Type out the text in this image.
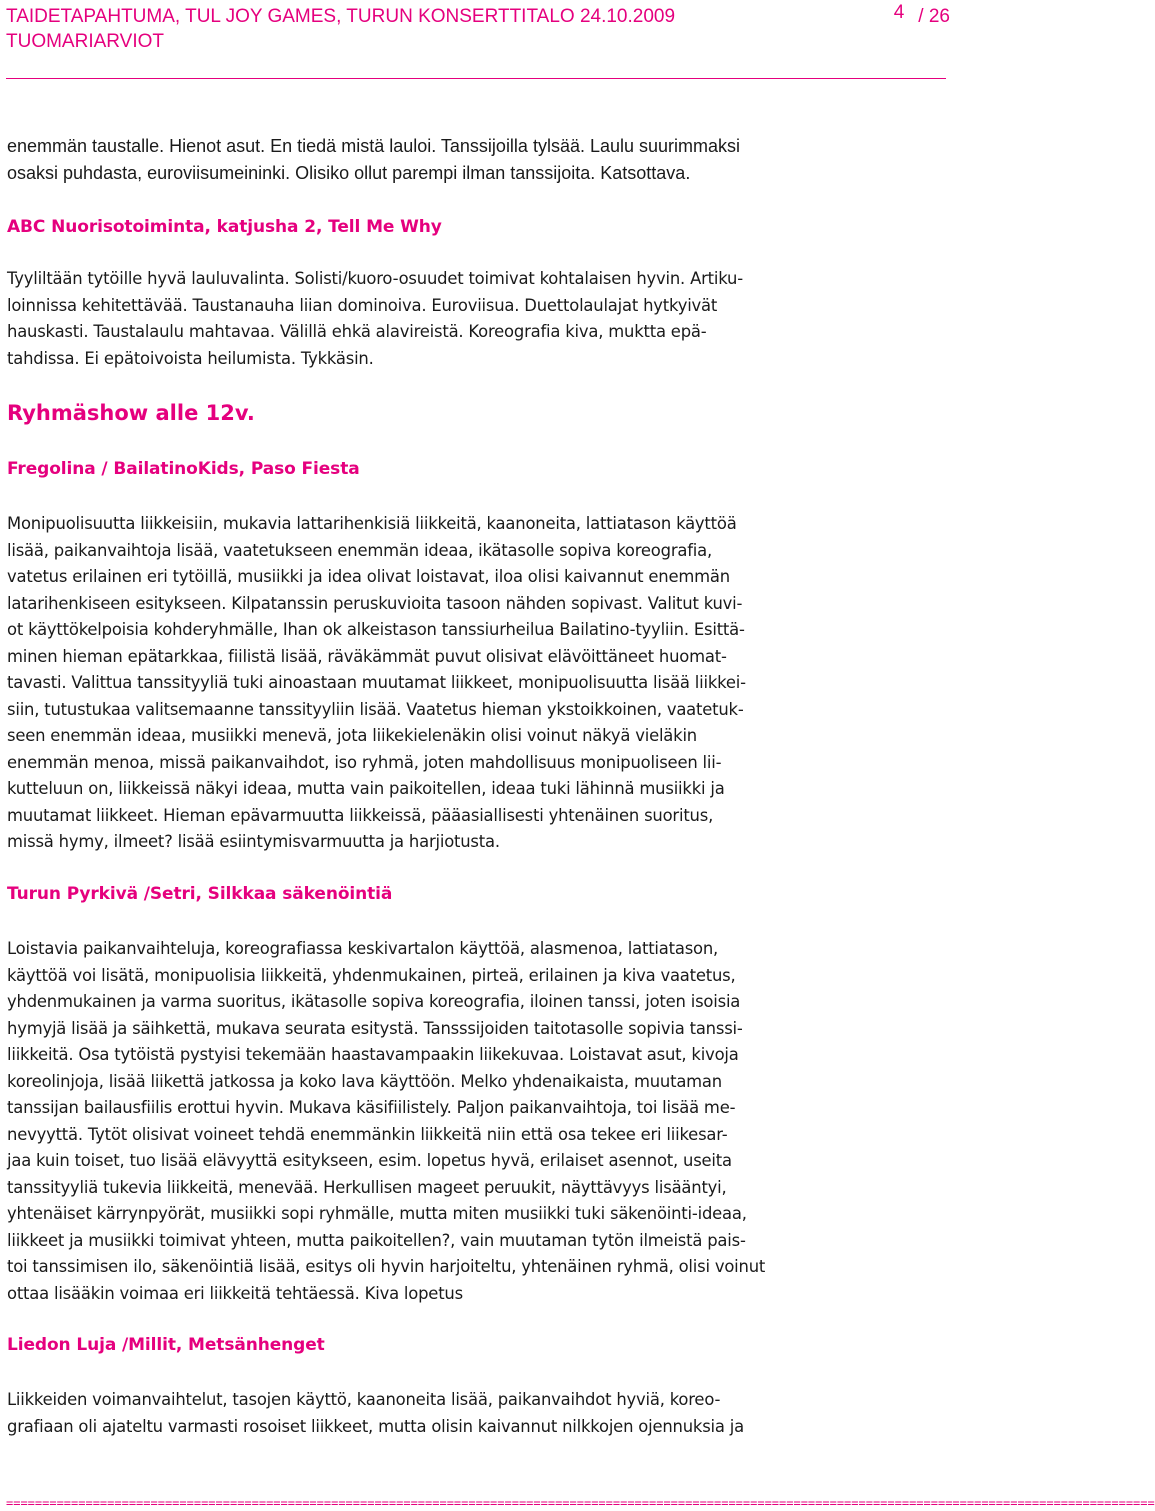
TAIDETAPAHTUMA, TUL JOY GAMES, TURUN KONSERTTITALO 24.10.2009
TUOMARIARVIOT
4 / 26
enemmän taustalle. Hienot asut. En tiedä mistä lauloi. Tanssijoilla tylsää. Laulu suurimmaksi
osaksi puhdasta, euroviisumeininki. Olisiko ollut parempi ilman tanssijoita. Katsottava.
ABC Nuorisotoiminta, katjusha 2, Tell Me Why
Tyyliltään tytöille hyvä lauluvalinta. Solisti/kuoro-osuudet toimivat kohtalaisen hyvin. Artiku-
loinnissa kehitettävää. Taustanauha liian dominoiva. Euroviisua. Duettolaulajat hytkyivät
hauskasti. Taustalaulu mahtavaa. Välillä ehkä alavireistä. Koreografia kiva, muktta epä-
tahdissa. Ei epätoivoista heilumista. Tykkäsin.
Ryhmäshow alle 12v.
Fregolina / BailatinoKids, Paso Fiesta
Monipuolisuutta liikkeisiin, mukavia lattarihenkisiä liikkeitä, kaanoneita, lattiatason käyttöä
lisää, paikanvaihtoja lisää, vaatetukseen enemmän ideaa, ikätasolle sopiva koreografia,
vatetus erilainen eri tytöillä, musiikki ja idea olivat loistavat, iloa olisi kaivannut enemmän
latarihenkiseen esitykseen. Kilpatanssin peruskuvioita tasoon nähden sopivast. Valitut kuvi-
ot käyttökelpoisia kohderyhmälle, Ihan ok alkeistason tanssiurheilua Bailatino-tyyliin. Esittä-
minen hieman epätarkkaa, fiilistä lisää, räväkämmät puvut olisivat elävöittäneet huomat-
tavasti. Valittua tanssityyliä tuki ainoastaan muutamat liikkeet, monipuolisuutta lisää liikkei-
siin, tutustukaa valitsemaanne tanssityyliin lisää. Vaatetus hieman ykstoikkoinen, vaatetuk-
seen enemmän ideaa, musiikki menevä, jota liikekielenäkin olisi voinut näkyä vieläkin
enemmän menoa, missä paikanvaihdot, iso ryhmä, joten mahdollisuus monipuoliseen lii-
kutteluun on, liikkeissä näkyi ideaa, mutta vain paikoitellen, ideaa tuki lähinnä musiikki ja
muutamat liikkeet. Hieman epävarmuutta liikkeissä, pääasiallisesti yhtenäinen suoritus,
missä hymy, ilmeet? lisää esiintymisvarmuutta ja harjiotusta.
Turun Pyrkivä /Setri, Silkkaa säkenöintiä
Loistavia paikanvaihteluja, koreografiassa keskivartalon käyttöä, alasmenoa, lattiatason,
käyttöä voi lisätä, monipuolisia liikkeitä, yhdenmukainen, pirteä, erilainen ja kiva vaatetus,
yhdenmukainen ja varma suoritus, ikätasolle sopiva koreografia, iloinen tanssi, joten isoisia
hymyjä lisää ja säihkettä, mukava seurata esitystä. Tansssijoiden taitotasolle sopivia tanssi-
liikkeitä. Osa tytöistä pystyisi tekemään haastavampaakin liikekuvaa. Loistavat asut, kivoja
koreolinjoja, lisää liikettä jatkossa ja koko lava käyttöön. Melko yhdenaikaista, muutaman
tanssijan bailausfiilis erottui hyvin. Mukava käsifiilistely. Paljon paikanvaihtoja, toi lisää me-
nevyyttä. Tytöt olisivat voineet tehdä enemmänkin liikkeitä niin että osa tekee eri liikesar-
jaa kuin toiset, tuo lisää elävyyttä esitykseen, esim. lopetus hyvä, erilaiset asennot, useita
tanssityyliä tukevia liikkeitä, menevää. Herkullisen mageet peruukit, näyttävyys lisääntyi,
yhtenäiset kärrynpyörät, musiikki sopi ryhmälle, mutta miten musiikki tuki säkenöinti-ideaa,
liikkeet ja musiikki toimivat yhteen, mutta paikoitellen?, vain muutaman tytön ilmeistä pais-
toi tanssimisen ilo, säkenöintiä lisää, esitys oli hyvin harjoiteltu, yhtenäinen ryhmä, olisi voinut
ottaa lisääkin voimaa eri liikkeitä tehtäessä. Kiva lopetus
Liedon Luja /Millit, Metsänhenget
Liikkeiden voimanvaihtelut, tasojen käyttö, kaanoneita lisää, paikanvaihdot hyviä, koreo-
grafiaan oli ajateltu varmasti rosoiset liikkeet, mutta olisin kaivannut nilkkojen ojennuksia ja
===============================================================================================================================================================
